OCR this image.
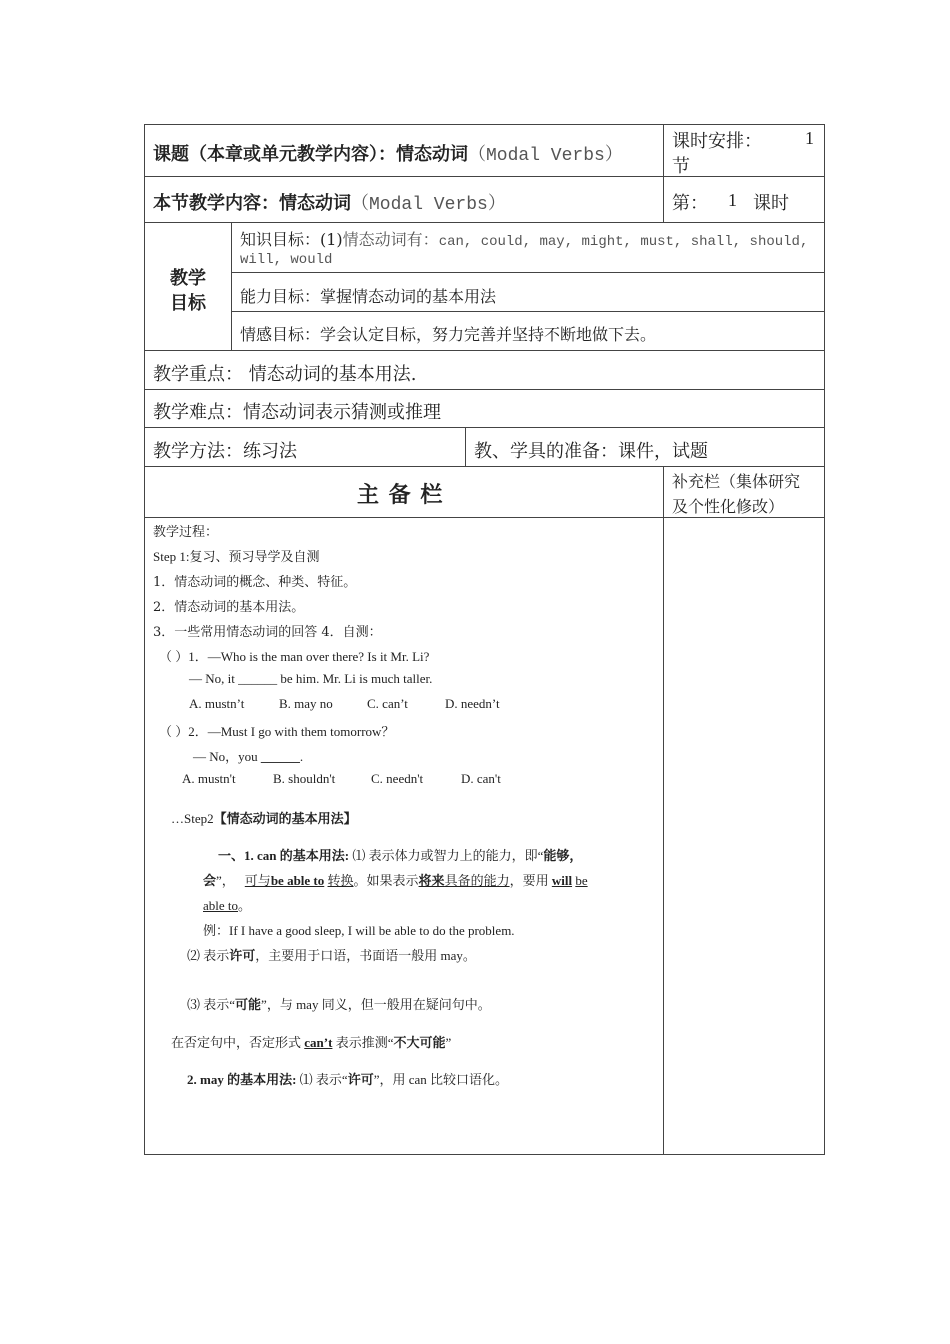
课题（本章或单元教学内容）：情态动词（Modal Verbs）
课时安排： 1
节
本节教学内容：情态动词（Modal Verbs）	第： 1 课时
教学
目标
知识目标：(1)情态动词有：can, could, may, might, must, shall, should,
will, would
能力目标：掌握情态动词的基本用法
情感目标：学会认定目标，努力完善并坚持不断地做下去。
教学重点： 情态动词的基本用法.
教学难点：情态动词表示猜测或推理
教学方法：练习法	教、学具的准备：课件，试题
主 备 栏
补充栏（集体研究
及个性化修改）
教学过程：
Step 1:复习、预习导学及自测
1．情态动词的概念、种类、特征。
2．情态动词的基本用法。
3．一些常用情态动词的回答 4．自测：
（ ）1．—Who is the man over there? Is it Mr. Li?
— No, it ______ be him. Mr. Li is much taller.
A. mustn’t	B. may no	C. can’t	D. needn’t
（ ）2．—Must I go with them tomorrow？
— No，you ______.
A. mustn't	B. shouldn't	C. needn't	D. can't
…Step2【情态动词的基本用法】
一、1. can 的基本用法: ⑴ 表示体力或智力上的能力，即“能够，
会”， 可与be able to 转换。如果表示将来具备的能力，要用 will be
able to。
例：If I have a good sleep, I will be able to do the problem.
⑵ 表示许可，主要用于口语，书面语一般用 may。
⑶ 表示“可能”，与 may 同义，但一般用在疑问句中。
在否定句中，否定形式 can’t 表示推测“不大可能”
2. may 的基本用法: ⑴ 表示“许可”，用 can 比较口语化。
